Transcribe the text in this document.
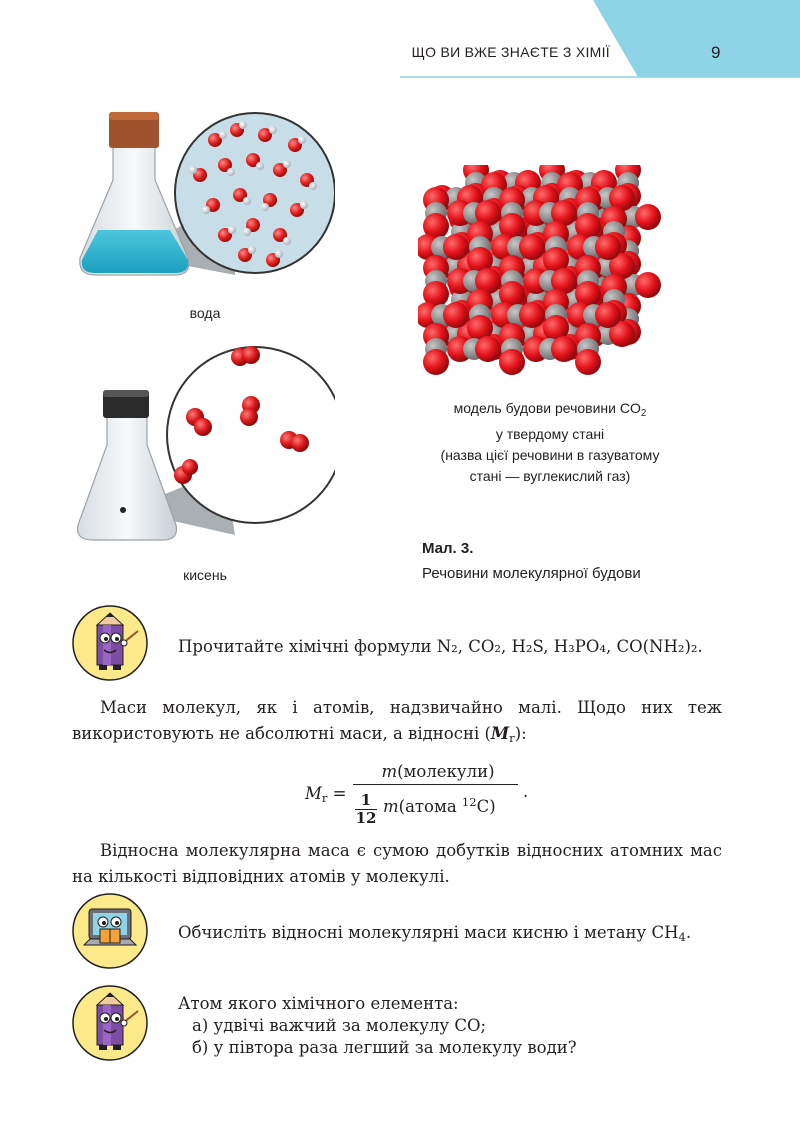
ЩО ВИ ВЖЕ ЗНАЄТЕ З ХІМІЇ	9
вода
кисень
модель будови речовини $CO_2$
у твердому стані
(назва цієї речовини в газуватому
стані — вуглекислий газ)
Мал. 3.
Речовини молекулярної будови
Прочитайте хімічні формули N₂, CO₂, H₂S, H₃PO₄, CO(NH₂)₂.
Маси молекул, як і атомів, надзвичайно малі. Щодо них теж використовують не абсолютні маси, а відносні $(M_r)$:
$M_r$ =
m(молекули)
$\frac{1}{12}$ m(атома $^{12}$C)
.
Відносна молекулярна маса є сумою добутків відносних атомних мас на кількості відповідних атомів у молекулі.
Обчисліть відносні молекулярні маси кисню і метану $CH_4$.
Атом якого хімічного елемента:
а) удвічі важчий за молекулу CO;
б) у півтора раза легший за молекулу води?
